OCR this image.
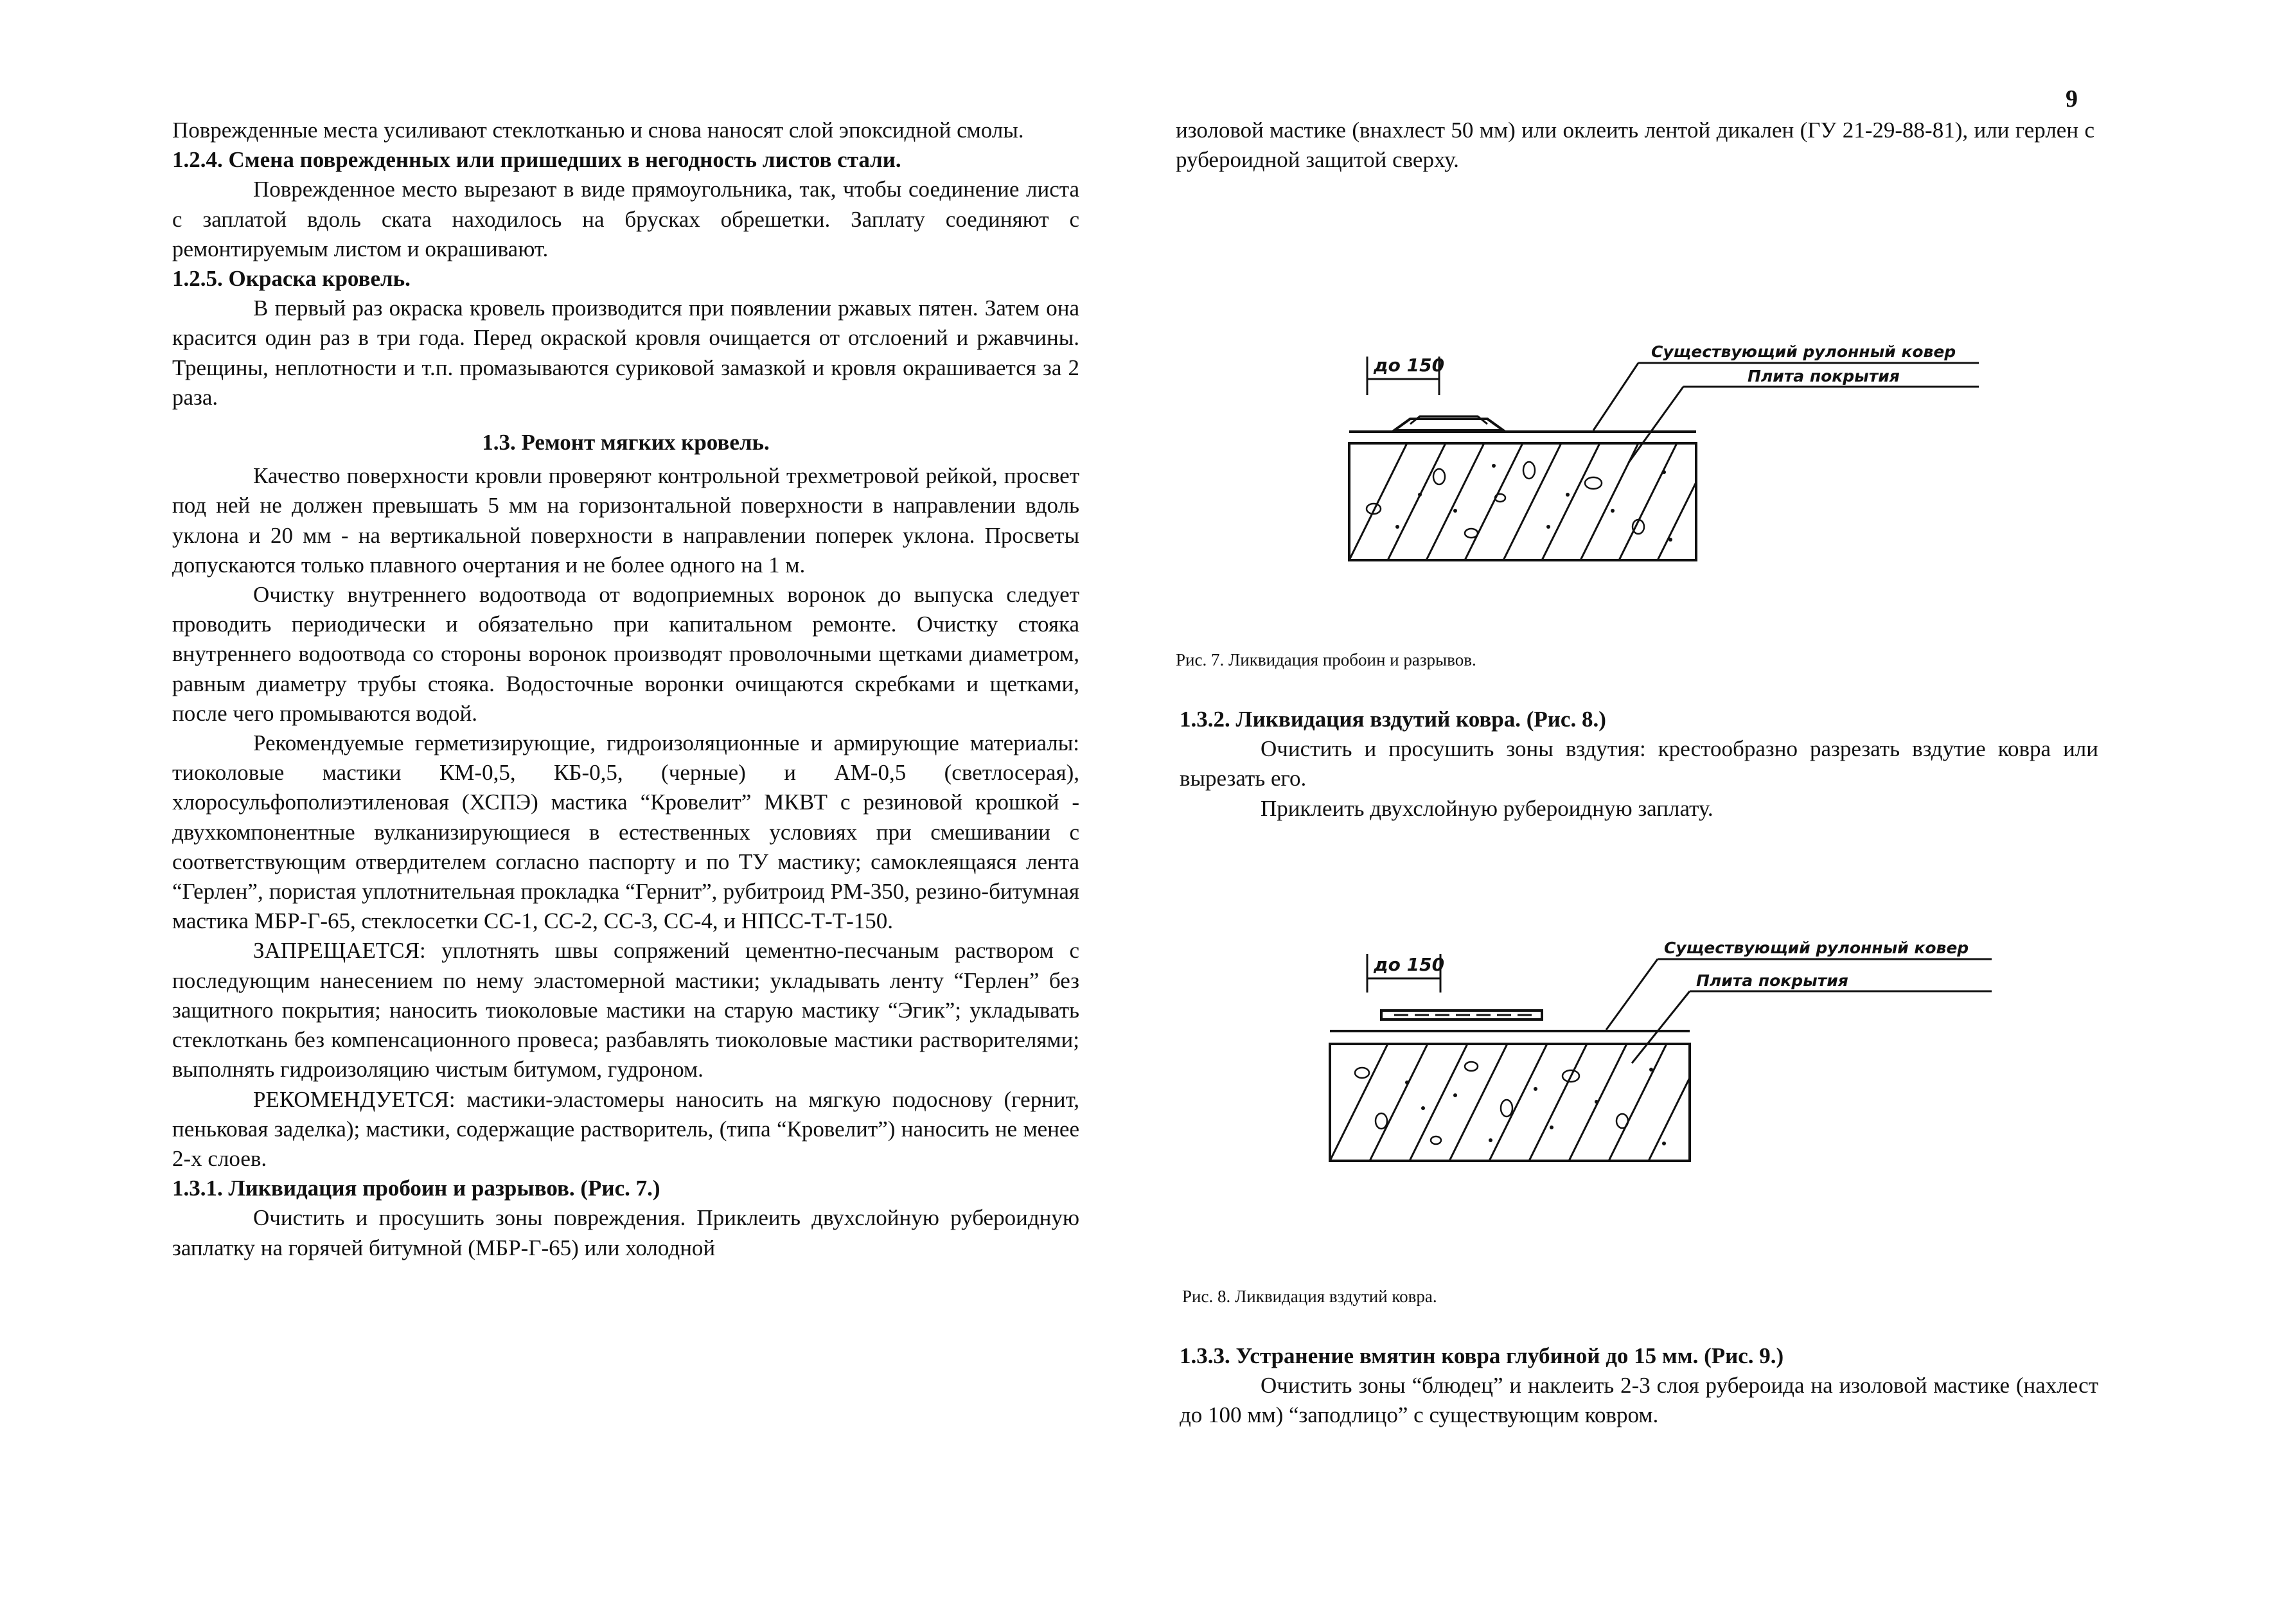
9

Поврежденные места усиливают стеклотканью и снова наносят слой эпоксидной смолы.

1.2.4. Смена поврежденных или пришедших в негодность листов стали.

Поврежденное место вырезают в виде прямоугольника, так, чтобы соединение листа с заплатой вдоль ската находилось на брусках обрешетки. Заплату соединяют с ремонтируемым листом и окрашивают.

1.2.5. Окраска кровель.

В первый раз окраска кровель производится при появлении ржавых пятен. Затем она красится один раз в три года. Перед окраской кровля очищается от отслоений и ржавчины. Трещины, неплотности и т.п. промазываются суриковой замазкой и кровля окрашивается за 2 раза.

1.3. Ремонт мягких кровель.

Качество поверхности кровли проверяют контрольной трехметровой рейкой, просвет под ней не должен превышать 5 мм на горизонтальной поверхности в направлении вдоль уклона и 20 мм - на вертикальной поверхности в направлении поперек уклона. Просветы допускаются только плавного очертания и не более одного на 1 м.

Очистку внутреннего водоотвода от водоприемных воронок до выпуска следует проводить периодически и обязательно при капитальном ремонте. Очистку стояка внутреннего водоотвода со стороны воронок производят проволочными щетками диаметром, равным диаметру трубы стояка. Водосточные воронки очищаются скребками и щетками, после чего промываются водой.

Рекомендуемые герметизирующие, гидроизоляционные и армирующие материалы: тиоколовые мастики КМ-0,5, КБ-0,5, (черные) и АМ-0,5 (светлосерая), хлоросульфополиэтиленовая (ХСПЭ) мастика “Кровелит” МКВТ с резиновой крошкой - двухкомпонентные вулканизирующиеся в естественных условиях при смешивании с соответствующим отвердителем согласно паспорту и по ТУ мастику; самоклеящаяся лента “Герлен”, пористая уплотнительная прокладка “Гернит”, рубитроид РМ-350, резино-битумная мастика МБР-Г-65, стеклосетки СС-1, СС-2, СС-3, СС-4, и НПСС-Т-Т-150.

ЗАПРЕЩАЕТСЯ: уплотнять швы сопряжений цементно-песчаным раствором с последующим нанесением по нему эластомерной мастики; укладывать ленту “Герлен” без защитного покрытия; наносить тиоколовые мастики на старую мастику “Эгик”; укладывать стеклоткань без компенсационного провеса; разбавлять тиоколовые мастики растворителями; выполнять гидроизоляцию чистым битумом, гудроном.

РЕКОМЕНДУЕТСЯ: мастики-эластомеры наносить на мягкую подоснову (гернит, пеньковая заделка); мастики, содержащие растворитель, (типа “Кровелит”) наносить не менее 2-х слоев.

1.3.1. Ликвидация пробоин и разрывов. (Рис. 7.)

Очистить и просушить зоны повреждения. Приклеить двухслойную рубероидную заплатку на горячей битумной (МБР-Г-65) или холодной

изоловой мастике (внахлест 50 мм) или оклеить лентой дикален (ГУ 21-29-88-81), или герлен с рубероидной защитой сверху.

до 150
Существующий рулонный ковер
Плита покрытия
Рис. 7. Ликвидация пробоин и разрывов.

1.3.2. Ликвидация вздутий ковра. (Рис. 8.)

Очистить и просушить зоны вздутия: крестообразно разрезать вздутие ковра или вырезать его.

Приклеить двухслойную рубероидную заплату.

до 150
Существующий рулонный ковер
Плита покрытия
Рис. 8. Ликвидация вздутий ковра.

1.3.3. Устранение вмятин ковра глубиной до 15 мм. (Рис. 9.)

Очистить зоны “блюдец” и наклеить 2-3 слоя рубероида на изоловой мастике (нахлест до 100 мм) “заподлицо” с существующим ковром.
